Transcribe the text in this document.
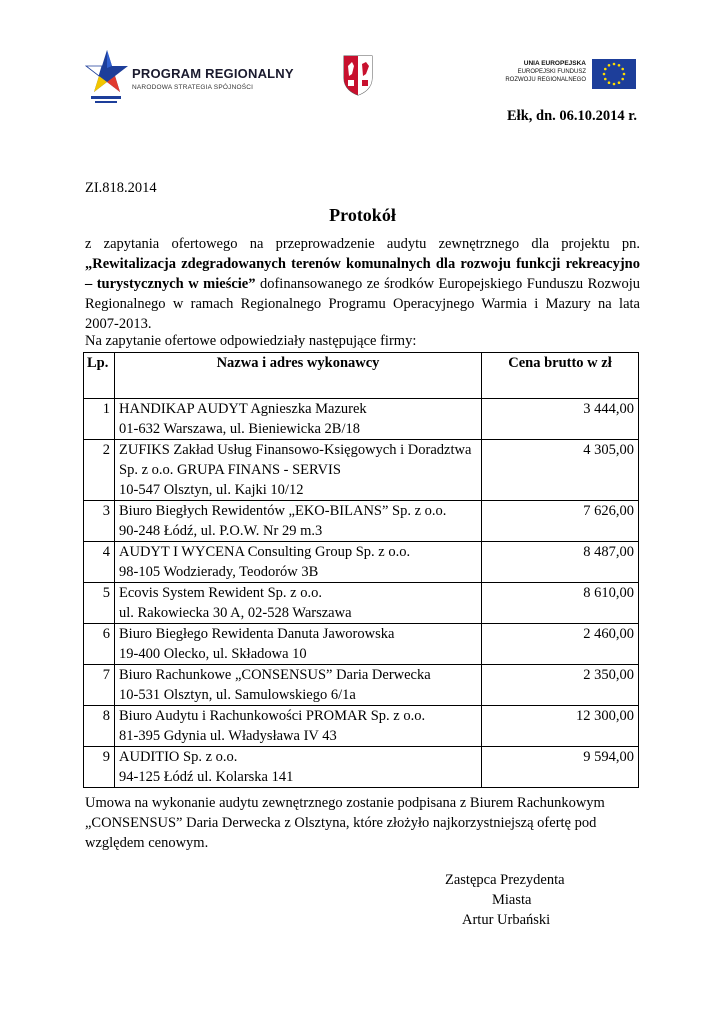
PROGRAM REGIONALNY
NARODOWA STRATEGIA SPÓJNOŚCI
UNIA EUROPEJSKA
EUROPEJSKI FUNDUSZ
ROZWOJU REGIONALNEGO
Ełk, dn. 06.10.2014 r.
ZI.818.2014
Protokół
z zapytania ofertowego na przeprowadzenie audytu zewnętrznego dla projektu pn.
„Rewitalizacja zdegradowanych terenów komunalnych dla rozwoju funkcji rekreacyjno
– turystycznych w mieście” dofinansowanego ze środków Europejskiego Funduszu Rozwoju
Regionalnego w ramach Regionalnego Programu Operacyjnego Warmia i Mazury na lata
2007-2013.
Na zapytanie ofertowe odpowiedziały następujące firmy:
Lp.	Nazwa i adres wykonawcy	Cena brutto w zł
1	HANDIKAP AUDYT Agnieszka Mazurek
01-632 Warszawa, ul. Bieniewicka 2B/18	3 444,00
2	ZUFIKS Zakład Usług Finansowo-Księgowych i Doradztwa
Sp. z o.o. GRUPA FINANS - SERVIS
10-547 Olsztyn, ul. Kajki 10/12	4 305,00
3	Biuro Biegłych Rewidentów „EKO-BILANS” Sp. z o.o.
90-248 Łódź, ul. P.O.W. Nr 29 m.3	7 626,00
4	AUDYT I WYCENA Consulting Group Sp. z o.o.
98-105 Wodzierady, Teodorów 3B	8 487,00
5	Ecovis System Rewident Sp. z o.o.
ul. Rakowiecka 30 A, 02-528 Warszawa	8 610,00
6	Biuro Biegłego Rewidenta Danuta Jaworowska
19-400 Olecko, ul. Składowa 10	2 460,00
7	Biuro Rachunkowe „CONSENSUS” Daria Derwecka
10-531 Olsztyn, ul. Samulowskiego 6/1a	2 350,00
8	Biuro Audytu i Rachunkowości PROMAR Sp. z o.o.
81-395 Gdynia ul. Władysława IV 43	12 300,00
9	AUDITIO Sp. z o.o.
94-125 Łódź ul. Kolarska 141	9 594,00
Umowa na wykonanie audytu zewnętrznego zostanie podpisana z Biurem Rachunkowym
„CONSENSUS” Daria Derwecka z Olsztyna, które złożyło najkorzystniejszą ofertę pod
względem cenowym.
Zastępca Prezydenta
Miasta
Artur Urbański
